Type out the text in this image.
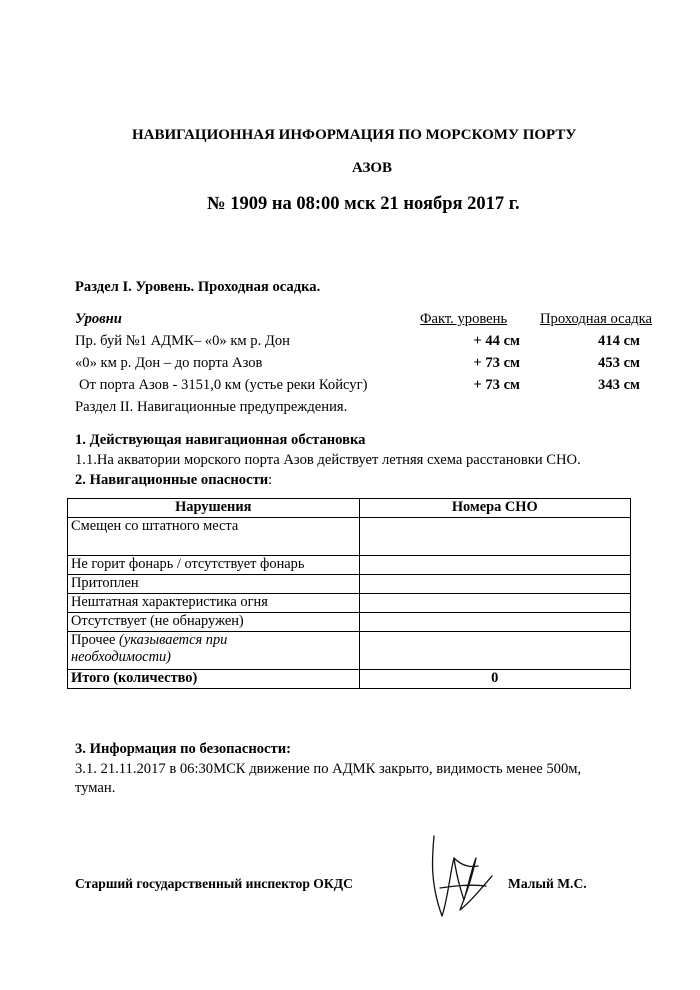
НАВИГАЦИОННАЯ ИНФОРМАЦИЯ ПО МОРСКОМУ ПОРТУ
АЗОВ
№ 1909 на 08:00 мск 21 ноября 2017 г.
Раздел I. Уровень. Проходная осадка.
Уровни	Факт. уровень Проходная осадка
Пр. буй №1 АДМК– «0» км р. Дон	+ 44 см	414 см
«0» км р. Дон – до порта Азов	+ 73 см	453 см
От порта Азов - 3151,0 км (устье реки Койсуг)	+ 73 см	343 см
Раздел II. Навигационные предупреждения.
1. Действующая навигационная обстановка
1.1.На акватории морского порта Азов действует летняя схема расстановки СНО.
2. Навигационные опасности:
Нарушения	Номера СНО
Смещен со штатного места	
Не горит фонарь / отсутствует фонарь	
Притоплен	
Нештатная характеристика огня	
Отсутствует (не обнаружен)	
Прочее (указывается при
необходимости)	
Итого (количество)	0
3. Информация по безопасности:
3.1. 21.11.2017 в 06:30МСК движение по АДМК закрыто, видимость менее 500м,
туман.
Старший государственный инспектор ОКДС	Малый М.С.
